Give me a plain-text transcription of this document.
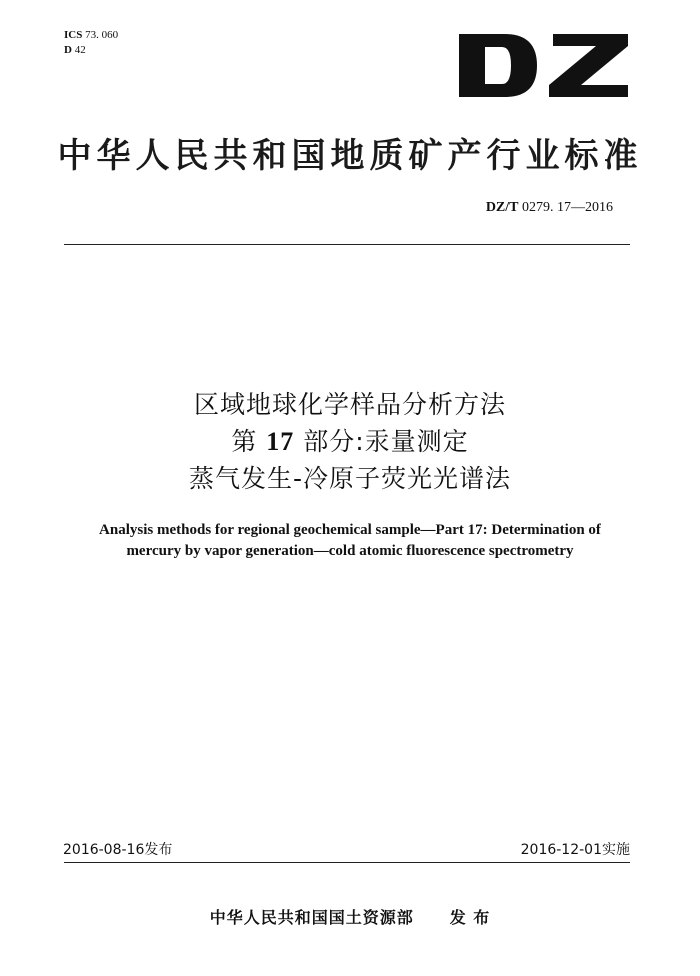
ICS 73. 060
D 42
中华人民共和国地质矿产行业标准
DZ/T 0279. 17—2016
区域地球化学样品分析方法
第 17 部分:汞量测定
蒸气发生-冷原子荧光光谱法
Analysis methods for regional geochemical sample—Part 17: Determination of
mercury by vapor generation—cold atomic fluorescence spectrometry
2016-08-16发布	2016-12-01实施
中华人民共和国国土资源部 发 布
